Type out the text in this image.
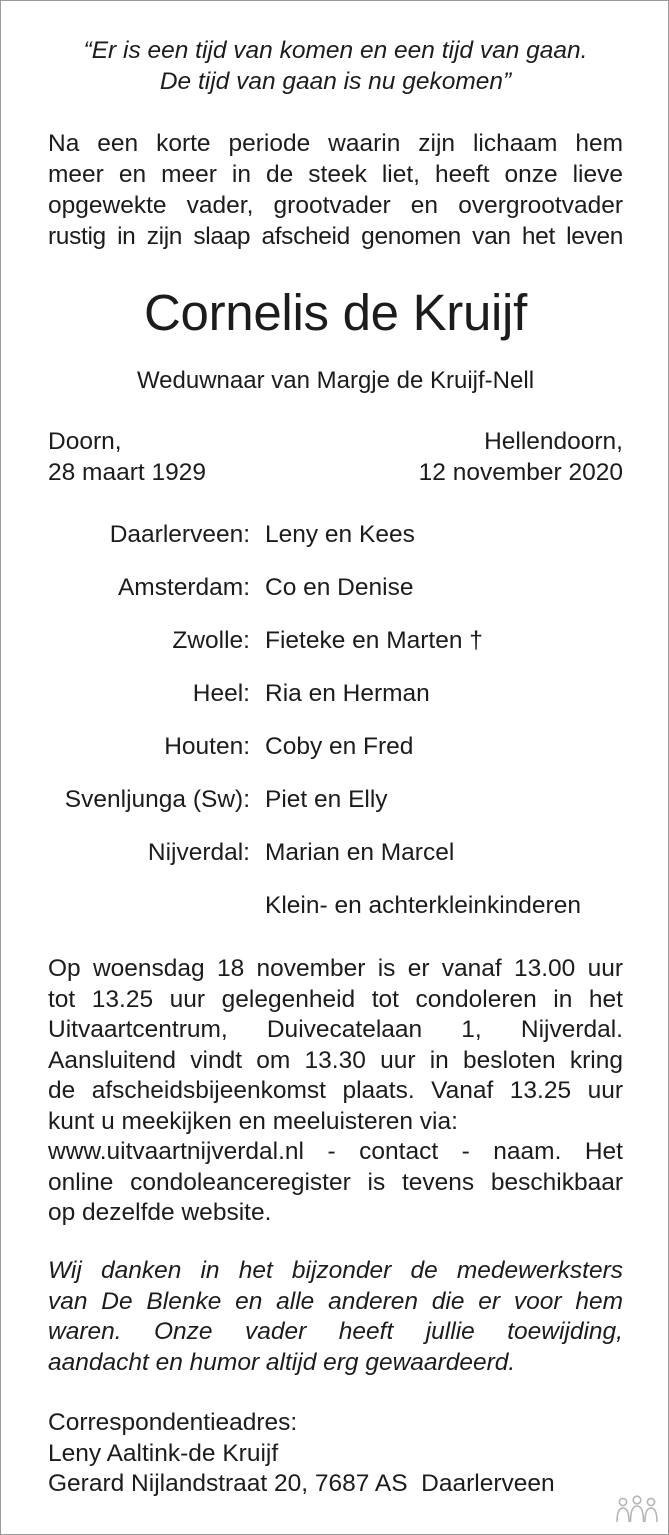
“Er is een tijd van komen en een tijd van gaan.
De tijd van gaan is nu gekomen”
Na een korte periode waarin zijn lichaam hem
meer en meer in de steek liet, heeft onze lieve
opgewekte vader, grootvader en overgrootvader
rustig in zijn slaap afscheid genomen van het leven
Cornelis de Kruijf
Weduwnaar van Margje de Kruijf-Nell
Doorn,
28 maart 1929
Hellendoorn,
12 november 2020
Daarlerveen: Leny en Kees
Amsterdam: Co en Denise
Zwolle: Fieteke en Marten †
Heel: Ria en Herman
Houten: Coby en Fred
Svenljunga (Sw): Piet en Elly
Nijverdal: Marian en Marcel
Klein- en achterkleinkinderen
Op woensdag 18 november is er vanaf 13.00 uur
tot 13.25 uur gelegenheid tot condoleren in het
Uitvaartcentrum, Duivecatelaan 1, Nijverdal.
Aansluitend vindt om 13.30 uur in besloten kring
de afscheidsbijeenkomst plaats. Vanaf 13.25 uur
kunt u meekijken en meeluisteren via:
www.uitvaartnijverdal.nl - contact - naam. Het
online condoleanceregister is tevens beschikbaar
op dezelfde website.
Wij danken in het bijzonder de medewerksters
van De Blenke en alle anderen die er voor hem
waren. Onze vader heeft jullie toewijding,
aandacht en humor altijd erg gewaardeerd.
Correspondentieadres:
Leny Aaltink-de Kruijf
Gerard Nijlandstraat 20, 7687 AS  Daarlerveen
